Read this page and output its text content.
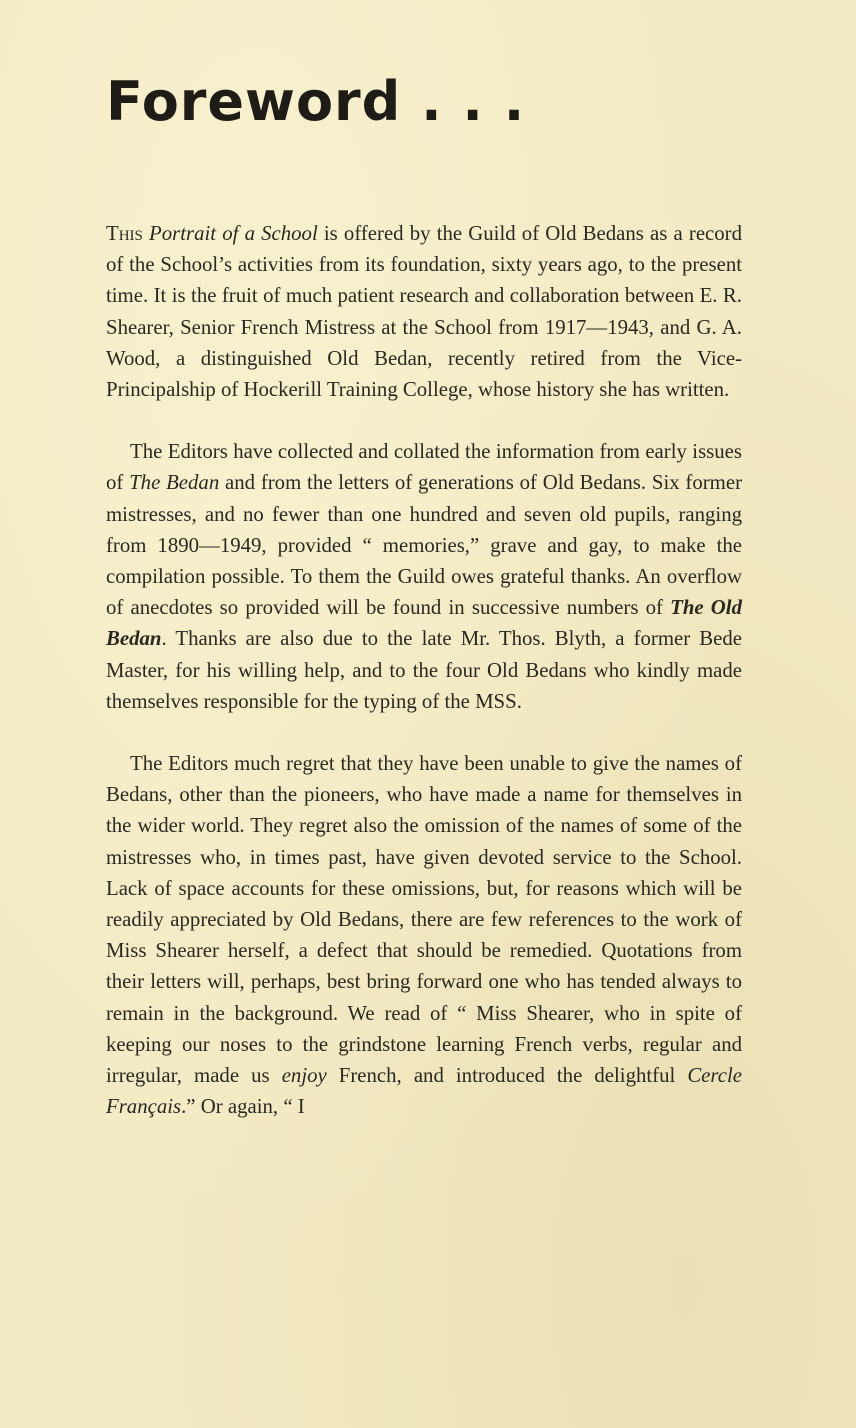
Foreword . . .

This Portrait of a School is offered by the Guild of Old Bedans as a record of the School’s activities from its foundation, sixty years ago, to the present time. It is the fruit of much patient research and collaboration between E. R. Shearer, Senior French Mistress at the School from 1917—1943, and G. A. Wood, a distinguished Old Bedan, recently retired from the Vice-Principalship of Hockerill Training College, whose history she has written.

The Editors have collected and collated the information from early issues of The Bedan and from the letters of generations of Old Bedans. Six former mistresses, and no fewer than one hundred and seven old pupils, ranging from 1890—1949, provided “ memories,” grave and gay, to make the compilation possible. To them the Guild owes grateful thanks. An overflow of anecdotes so provided will be found in successive numbers of The Old Bedan. Thanks are also due to the late Mr. Thos. Blyth, a former Bede Master, for his willing help, and to the four Old Bedans who kindly made themselves responsible for the typing of the MSS.

The Editors much regret that they have been unable to give the names of Bedans, other than the pioneers, who have made a name for themselves in the wider world. They regret also the omission of the names of some of the mistresses who, in times past, have given devoted service to the School. Lack of space accounts for these omissions, but, for reasons which will be readily appreciated by Old Bedans, there are few references to the work of Miss Shearer herself, a defect that should be remedied. Quotations from their letters will, perhaps, best bring forward one who has tended always to remain in the background. We read of “ Miss Shearer, who in spite of keeping our noses to the grindstone learning French verbs, regular and irregular, made us enjoy French, and introduced the delightful Cercle Français.” Or again, “ I
